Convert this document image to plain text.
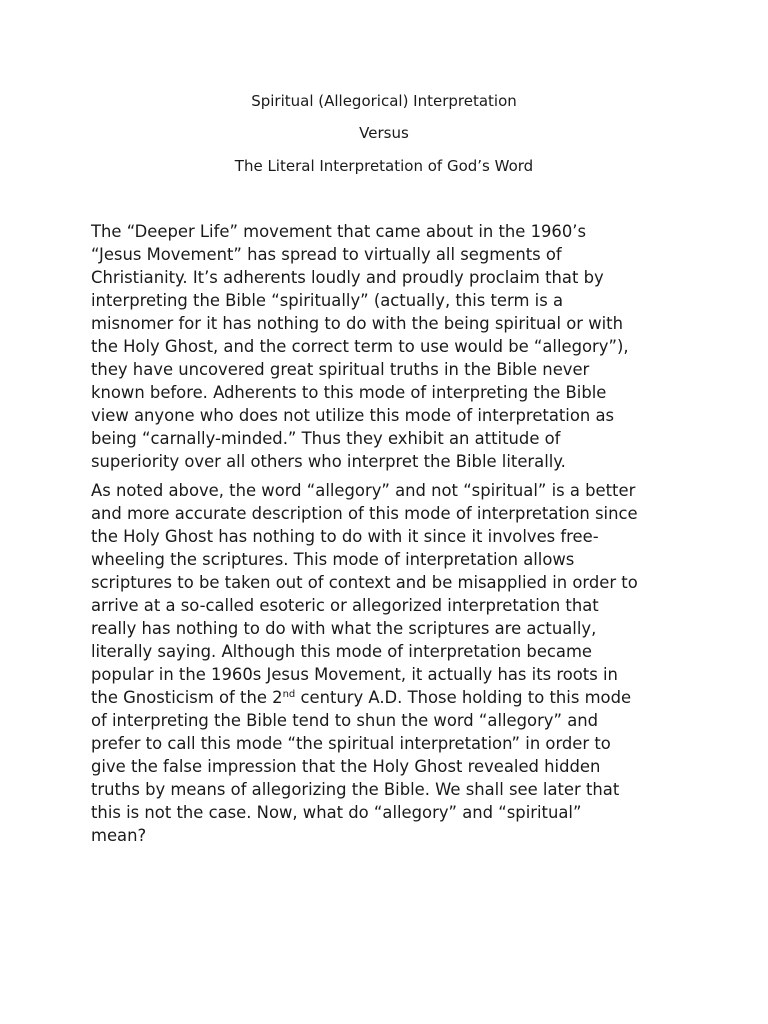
Spiritual (Allegorical) Interpretation
Versus
The Literal Interpretation of God’s Word
The “Deeper Life” movement that came about in the 1960’s
“Jesus Movement” has spread to virtually all segments of
Christianity. It’s adherents loudly and proudly proclaim that by
interpreting the Bible “spiritually” (actually, this term is a
misnomer for it has nothing to do with the being spiritual or with
the Holy Ghost, and the correct term to use would be “allegory”),
they have uncovered great spiritual truths in the Bible never
known before. Adherents to this mode of interpreting the Bible
view anyone who does not utilize this mode of interpretation as
being “carnally-minded.” Thus they exhibit an attitude of
superiority over all others who interpret the Bible literally.
As noted above, the word “allegory” and not “spiritual” is a better
and more accurate description of this mode of interpretation since
the Holy Ghost has nothing to do with it since it involves free-
wheeling the scriptures. This mode of interpretation allows
scriptures to be taken out of context and be misapplied in order to
arrive at a so-called esoteric or allegorized interpretation that
really has nothing to do with what the scriptures are actually,
literally saying. Although this mode of interpretation became
popular in the 1960s Jesus Movement, it actually has its roots in
the Gnosticism of the 2nd century A.D. Those holding to this mode
of interpreting the Bible tend to shun the word “allegory” and
prefer to call this mode “the spiritual interpretation” in order to
give the false impression that the Holy Ghost revealed hidden
truths by means of allegorizing the Bible. We shall see later that
this is not the case. Now, what do “allegory” and “spiritual”
mean?
